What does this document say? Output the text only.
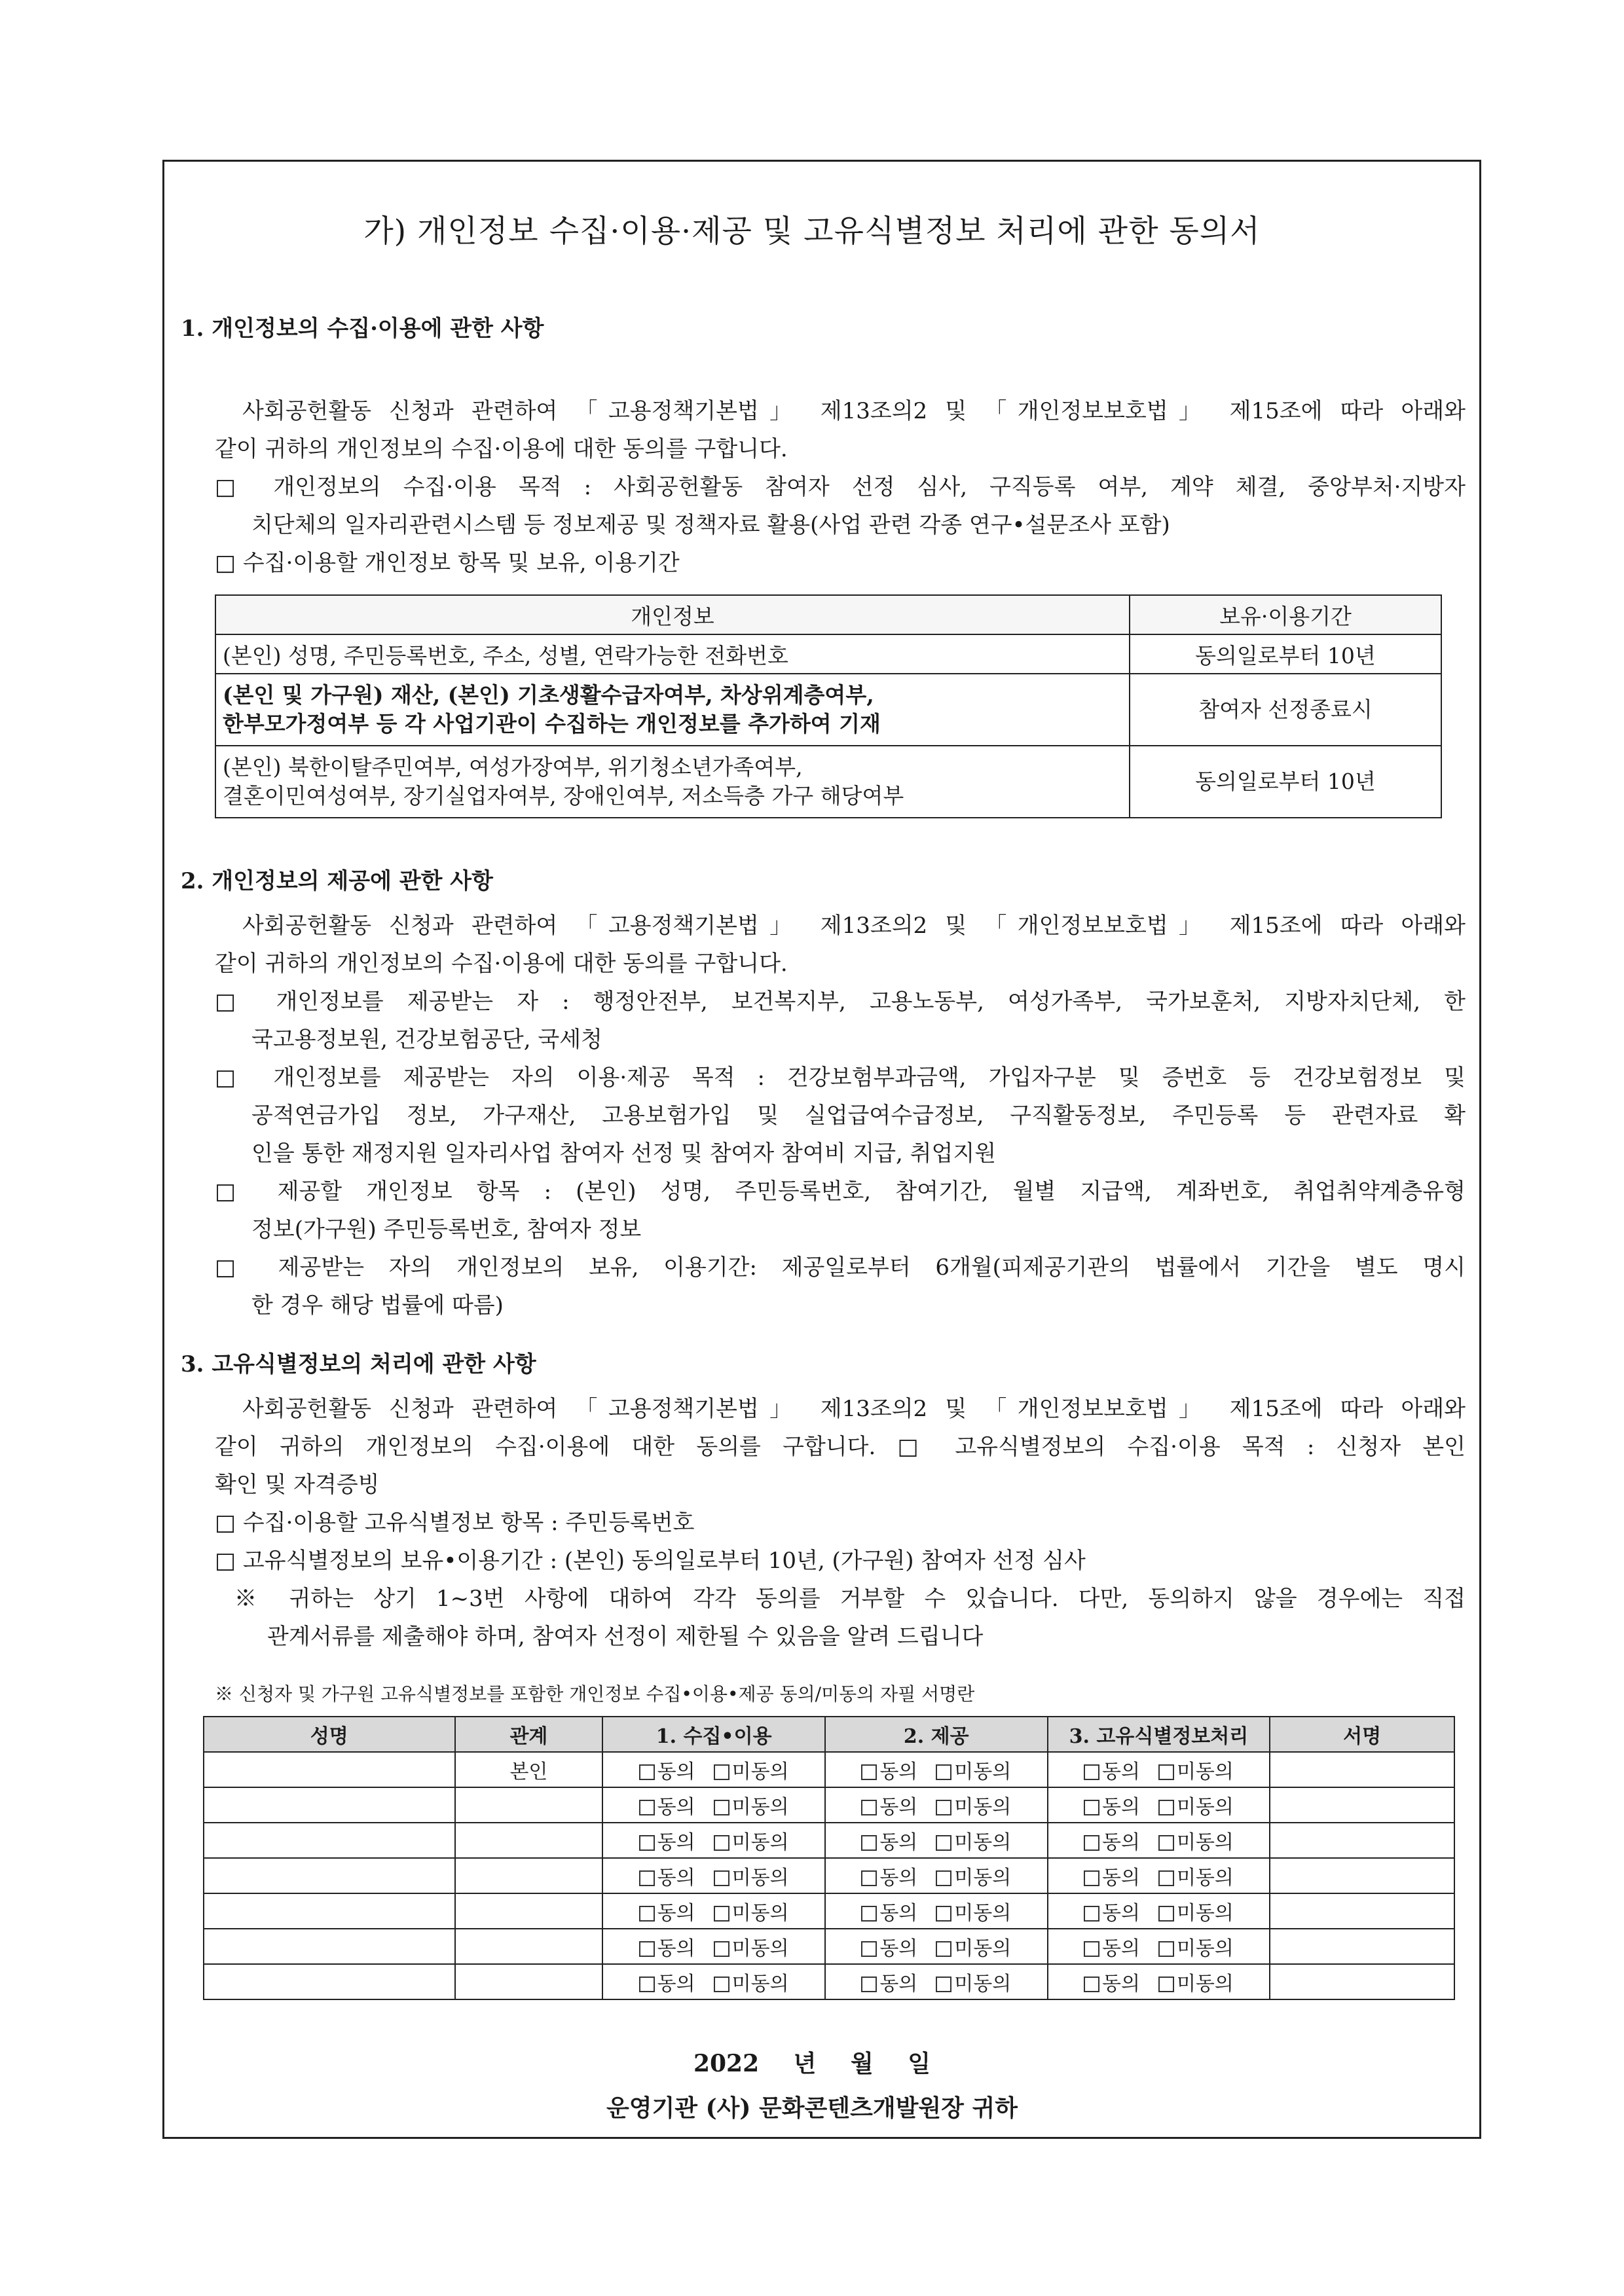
가) 개인정보 수집·이용·제공 및 고유식별정보 처리에 관한 동의서
1. 개인정보의 수집·이용에 관한 사항
사회공헌활동 신청과 관련하여 「고용정책기본법」 제13조의2 및 「개인정보보호법」 제15조에 따라 아래와
같이 귀하의 개인정보의 수집·이용에 대한 동의를 구합니다.
□ 개인정보의 수집·이용 목적 : 사회공헌활동 참여자 선정 심사, 구직등록 여부, 계약 체결, 중앙부처·지방자
치단체의 일자리관련시스템 등 정보제공 및 정책자료 활용(사업 관련 각종 연구•설문조사 포함)
□ 수집·이용할 개인정보 항목 및 보유, 이용기간
개인정보	보유·이용기간
(본인) 성명, 주민등록번호, 주소, 성별, 연락가능한 전화번호	동의일로부터 10년

(본인 및 가구원) 재산, (본인) 기초생활수급자여부, 차상위계층여부,
한부모가정여부 등 각 사업기관이 수집하는 개인정보를 추가하여 기재	참여자 선정종료시

(본인) 북한이탈주민여부, 여성가장여부, 위기청소년가족여부,
결혼이민여성여부, 장기실업자여부, 장애인여부, 저소득층 가구 해당여부	동의일로부터 10년
2. 개인정보의 제공에 관한 사항
사회공헌활동 신청과 관련하여 「고용정책기본법」 제13조의2 및 「개인정보보호법」 제15조에 따라 아래와
같이 귀하의 개인정보의 수집·이용에 대한 동의를 구합니다.
□ 개인정보를 제공받는 자 : 행정안전부, 보건복지부, 고용노동부, 여성가족부, 국가보훈처, 지방자치단체, 한
국고용정보원, 건강보험공단, 국세청
□ 개인정보를 제공받는 자의 이용·제공 목적 : 건강보험부과금액, 가입자구분 및 증번호 등 건강보험정보 및
공적연금가입 정보, 가구재산, 고용보험가입 및 실업급여수급정보, 구직활동정보, 주민등록 등 관련자료 확
인을 통한 재정지원 일자리사업 참여자 선정 및 참여자 참여비 지급, 취업지원
□ 제공할 개인정보 항목 : (본인) 성명, 주민등록번호, 참여기간, 월별 지급액, 계좌번호, 취업취약계층유형
정보(가구원) 주민등록번호, 참여자 정보
□ 제공받는 자의 개인정보의 보유, 이용기간: 제공일로부터 6개월(피제공기관의 법률에서 기간을 별도 명시
한 경우 해당 법률에 따름)
3. 고유식별정보의 처리에 관한 사항
사회공헌활동 신청과 관련하여 「고용정책기본법」 제13조의2 및 「개인정보보호법」 제15조에 따라 아래와
같이 귀하의 개인정보의 수집·이용에 대한 동의를 구합니다. □ 고유식별정보의 수집·이용 목적 : 신청자 본인
확인 및 자격증빙
□ 수집·이용할 고유식별정보 항목 : 주민등록번호
□ 고유식별정보의 보유•이용기간 : (본인) 동의일로부터 10년, (가구원) 참여자 선정 심사
※ 귀하는 상기 1~3번 사항에 대하여 각각 동의를 거부할 수 있습니다. 다만, 동의하지 않을 경우에는 직접
관계서류를 제출해야 하며, 참여자 선정이 제한될 수 있음을 알려 드립니다
※ 신청자 및 가구원 고유식별정보를 포함한 개인정보 수집•이용•제공 동의/미동의 자필 서명란
성명	관계	1. 수집•이용	2. 제공	3. 고유식별정보처리	서명
	본인	동의 미동의	동의 미동의	동의 미동의	
		동의 미동의	동의 미동의	동의 미동의	
		동의 미동의	동의 미동의	동의 미동의	
		동의 미동의	동의 미동의	동의 미동의	
		동의 미동의	동의 미동의	동의 미동의	
		동의 미동의	동의 미동의	동의 미동의	
		동의 미동의	동의 미동의	동의 미동의	
2022 년 월 일
운영기관 (사) 문화콘텐츠개발원장 귀하
